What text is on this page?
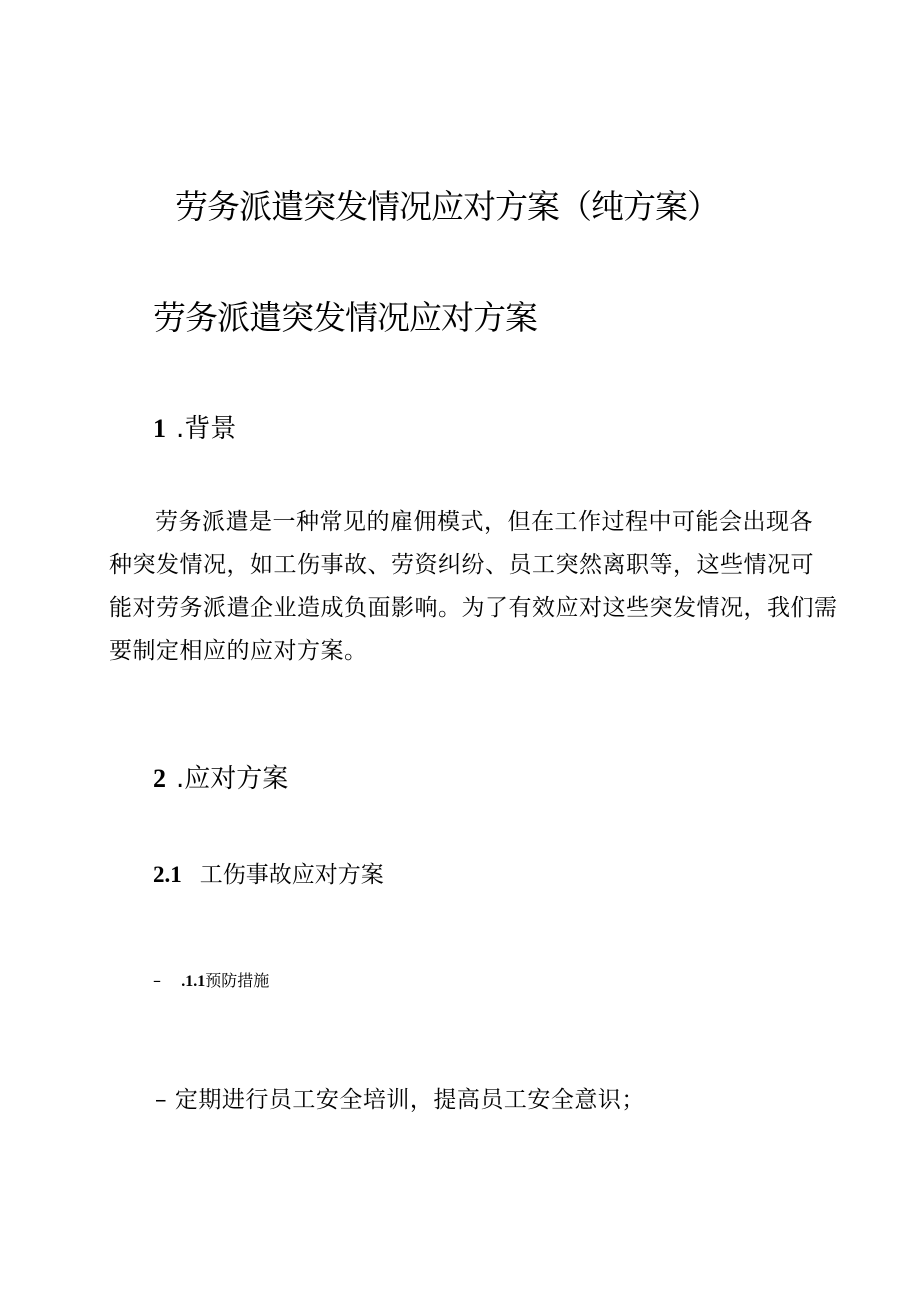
劳务派遣突发情况应对方案（纯方案）
劳务派遣突发情况应对方案
1 .背景
劳务派遣是一种常见的雇佣模式，但在工作过程中可能会出现各
种突发情况，如工伤事故、劳资纠纷、员工突然离职等，这些情况可
能对劳务派遣企业造成负面影响。为了有效应对这些突发情况，我们需
要制定相应的应对方案。
2 .应对方案
2.1 工伤事故应对方案
– .1.1预防措施
– 定期进行员工安全培训，提高员工安全意识；
